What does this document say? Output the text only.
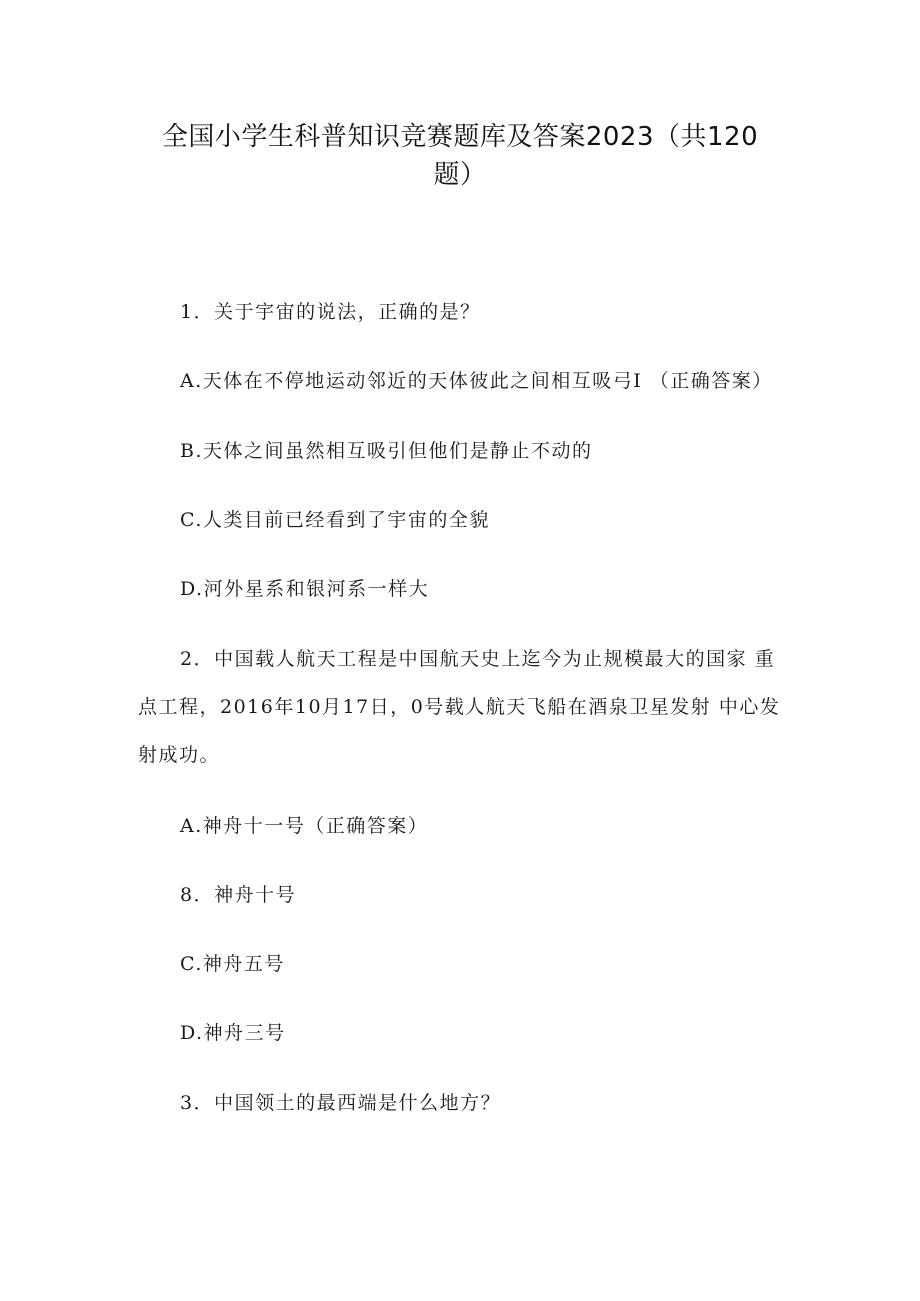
全国小学生科普知识竞赛题库及答案2023（共120
题）
1．关于宇宙的说法，正确的是？
A.天体在不停地运动邻近的天体彼此之间相互吸弓I （正确答案）
B.天体之间虽然相互吸引但他们是静止不动的
C.人类目前已经看到了宇宙的全貌
D.河外星系和银河系一样大
2．中国载人航天工程是中国航天史上迄今为止规模最大的国家 重
点工程，2016年10月17日，0号载人航天飞船在酒泉卫星发射 中心发
射成功。
A.神舟十一号（正确答案）
8．神舟十号
C.神舟五号
D.神舟三号
3．中国领土的最西端是什么地方？
